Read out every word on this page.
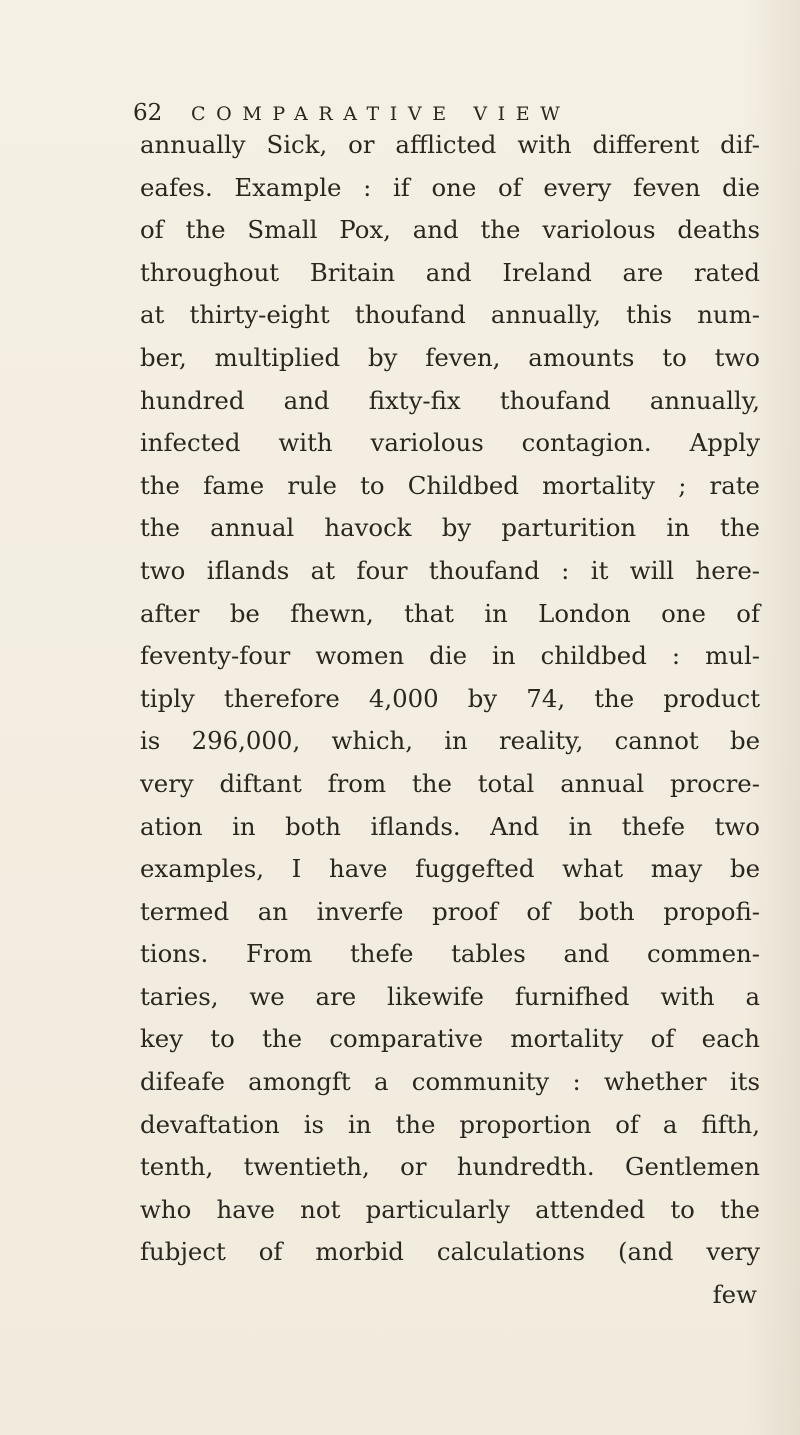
62 COMPARATIVE VIEW
annually Sick, or afflicted with different dif-
eafes. Example : if one of every feven die
of the Small Pox, and the variolous deaths
throughout Britain and Ireland are rated
at thirty-eight thoufand annually, this num-
ber, multiplied by feven, amounts to two
hundred and fixty-fix thoufand annually,
infected with variolous contagion. Apply
the fame rule to Childbed mortality ; rate
the annual havock by parturition in the
two iflands at four thoufand : it will here-
after be fhewn, that in London one of
feventy-four women die in childbed : mul-
tiply therefore 4,000 by 74, the product
is 296,000, which, in reality, cannot be
very diftant from the total annual procre-
ation in both iflands. And in thefe two
examples, I have fuggefted what may be
termed an inverfe proof of both propofi-
tions. From thefe tables and commen-
taries, we are likewife furnifhed with a
key to the comparative mortality of each
difeafe amongft a community : whether its
devaftation is in the proportion of a fifth,
tenth, twentieth, or hundredth. Gentlemen
who have not particularly attended to the
fubject of morbid calculations (and very
few
